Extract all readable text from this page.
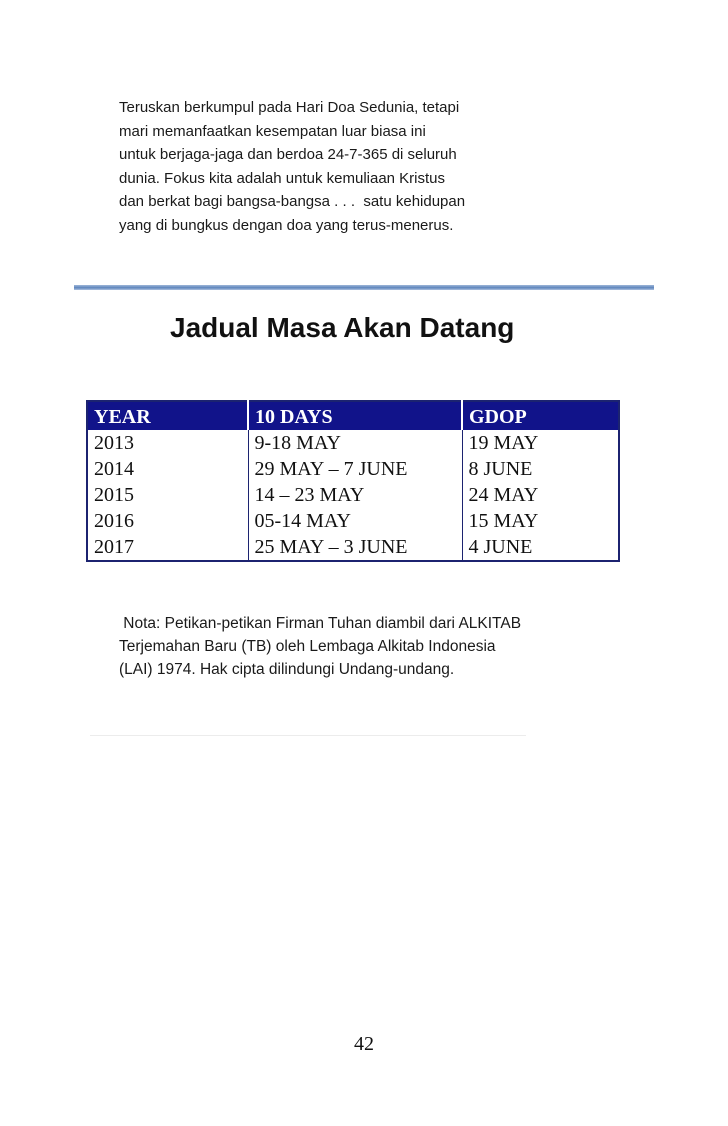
Teruskan berkumpul pada Hari Doa Sedunia, tetapi
mari memanfaatkan kesempatan luar biasa ini
untuk berjaga-jaga dan berdoa 24-7-365 di seluruh
dunia. Fokus kita adalah untuk kemuliaan Kristus
dan berkat bagi bangsa-bangsa . . .  satu kehidupan
yang di bungkus dengan doa yang terus-menerus.
Jadual Masa Akan Datang
YEAR	10 DAYS	GDOP
2013	9-18 MAY	19 MAY
2014	29 MAY – 7 JUNE	8 JUNE
2015	14 – 23 MAY	24 MAY
2016	05-14 MAY	15 MAY
2017	25 MAY – 3 JUNE	4 JUNE
Nota: Petikan-petikan Firman Tuhan diambil dari ALKITAB
Terjemahan Baru (TB) oleh Lembaga Alkitab Indonesia
(LAI) 1974. Hak cipta dilindungi Undang-undang.
42
